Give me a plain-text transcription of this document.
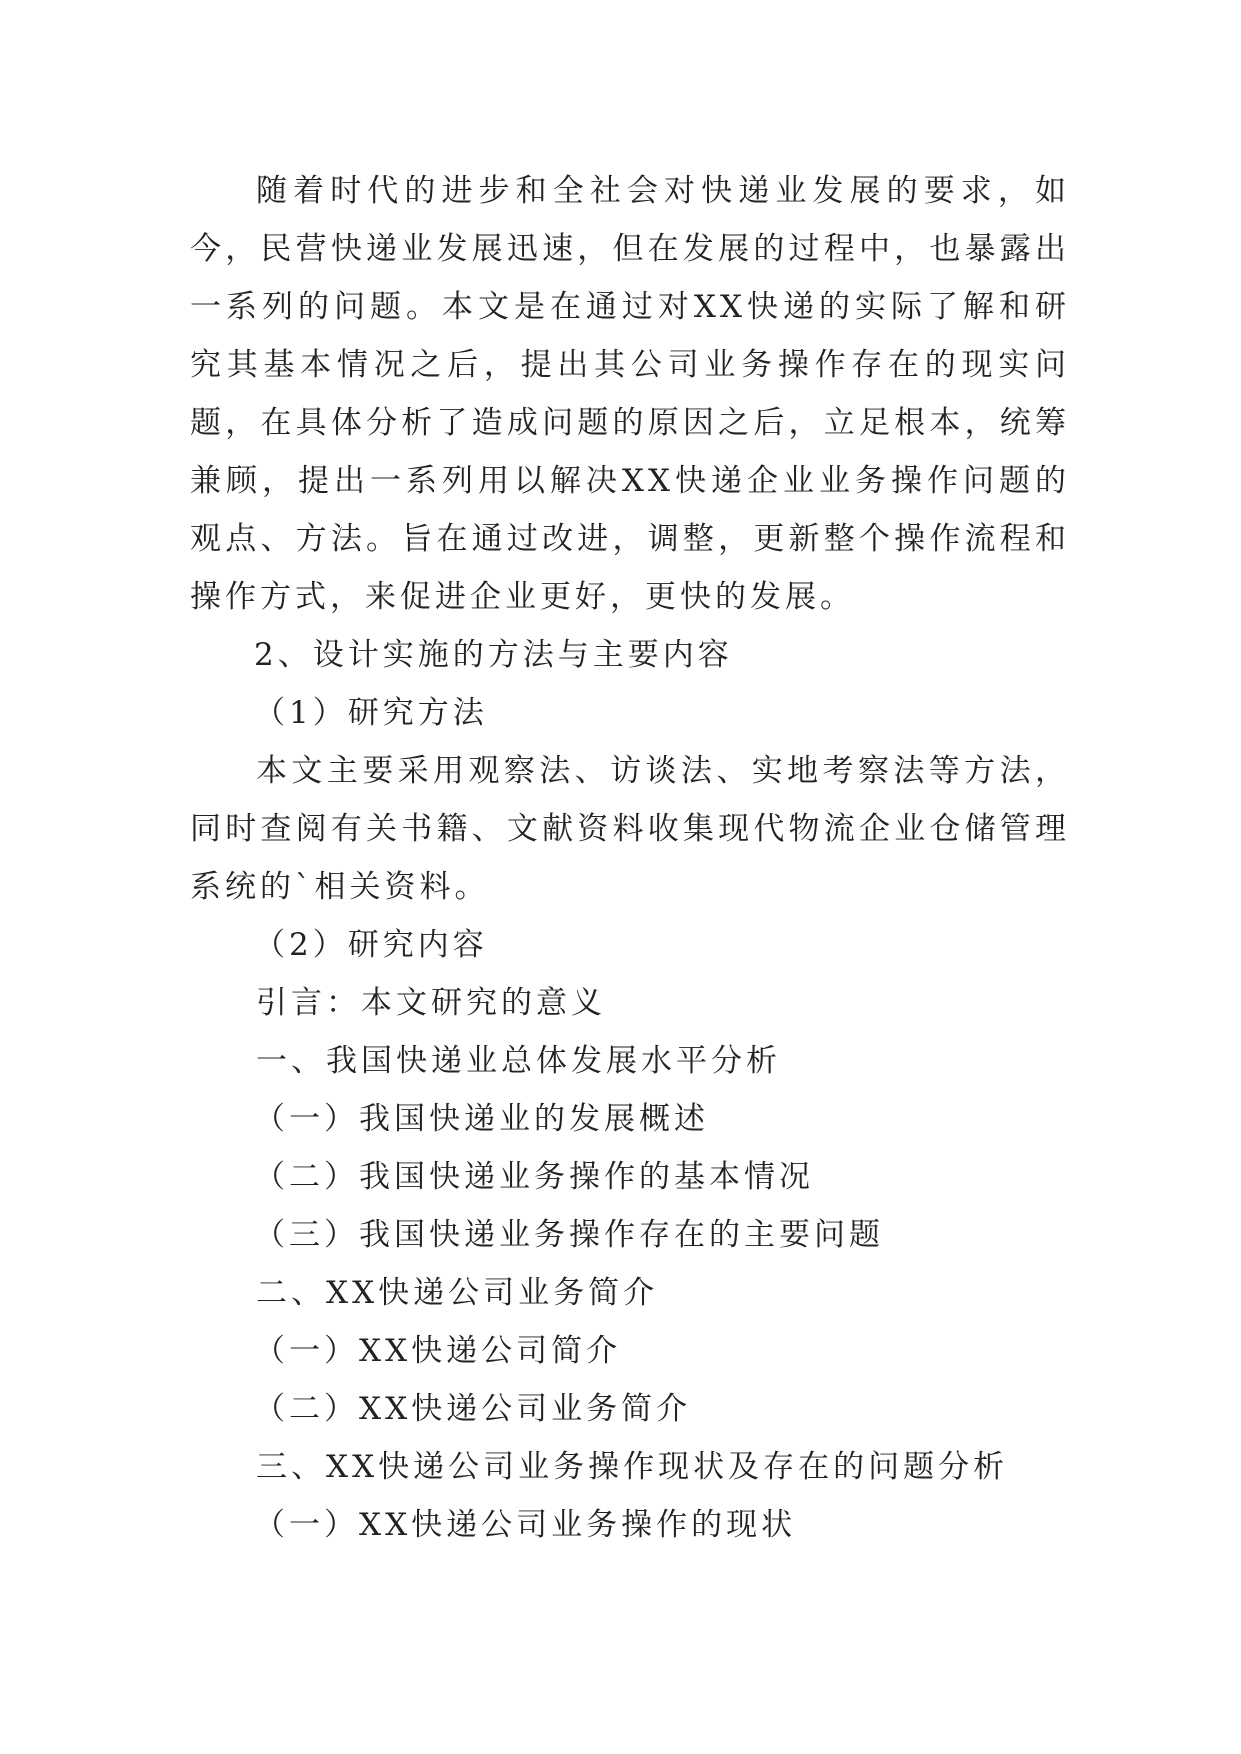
随着时代的进步和全社会对快递业发展的要求，如今，民营快递业发展迅速，但在发展的过程中，也暴露出一系列的问题。本文是在通过对XX快递的实际了解和研究其基本情况之后，提出其公司业务操作存在的现实问题，在具体分析了造成问题的原因之后，立足根本，统筹兼顾，提出一系列用以解决XX快递企业业务操作问题的观点、方法。旨在通过改进，调整，更新整个操作流程和操作方式，来促进企业更好，更快的发展。

2、设计实施的方法与主要内容

（1）研究方法

本文主要采用观察法、访谈法、实地考察法等方法，同时查阅有关书籍、文献资料收集现代物流企业仓储管理系统的`相关资料。

（2）研究内容

引言：本文研究的意义

一、我国快递业总体发展水平分析

（一）我国快递业的发展概述

（二）我国快递业务操作的基本情况

（三）我国快递业务操作存在的主要问题

二、XX快递公司业务简介

（一）XX快递公司简介

（二）XX快递公司业务简介

三、XX快递公司业务操作现状及存在的问题分析

（一）XX快递公司业务操作的现状
